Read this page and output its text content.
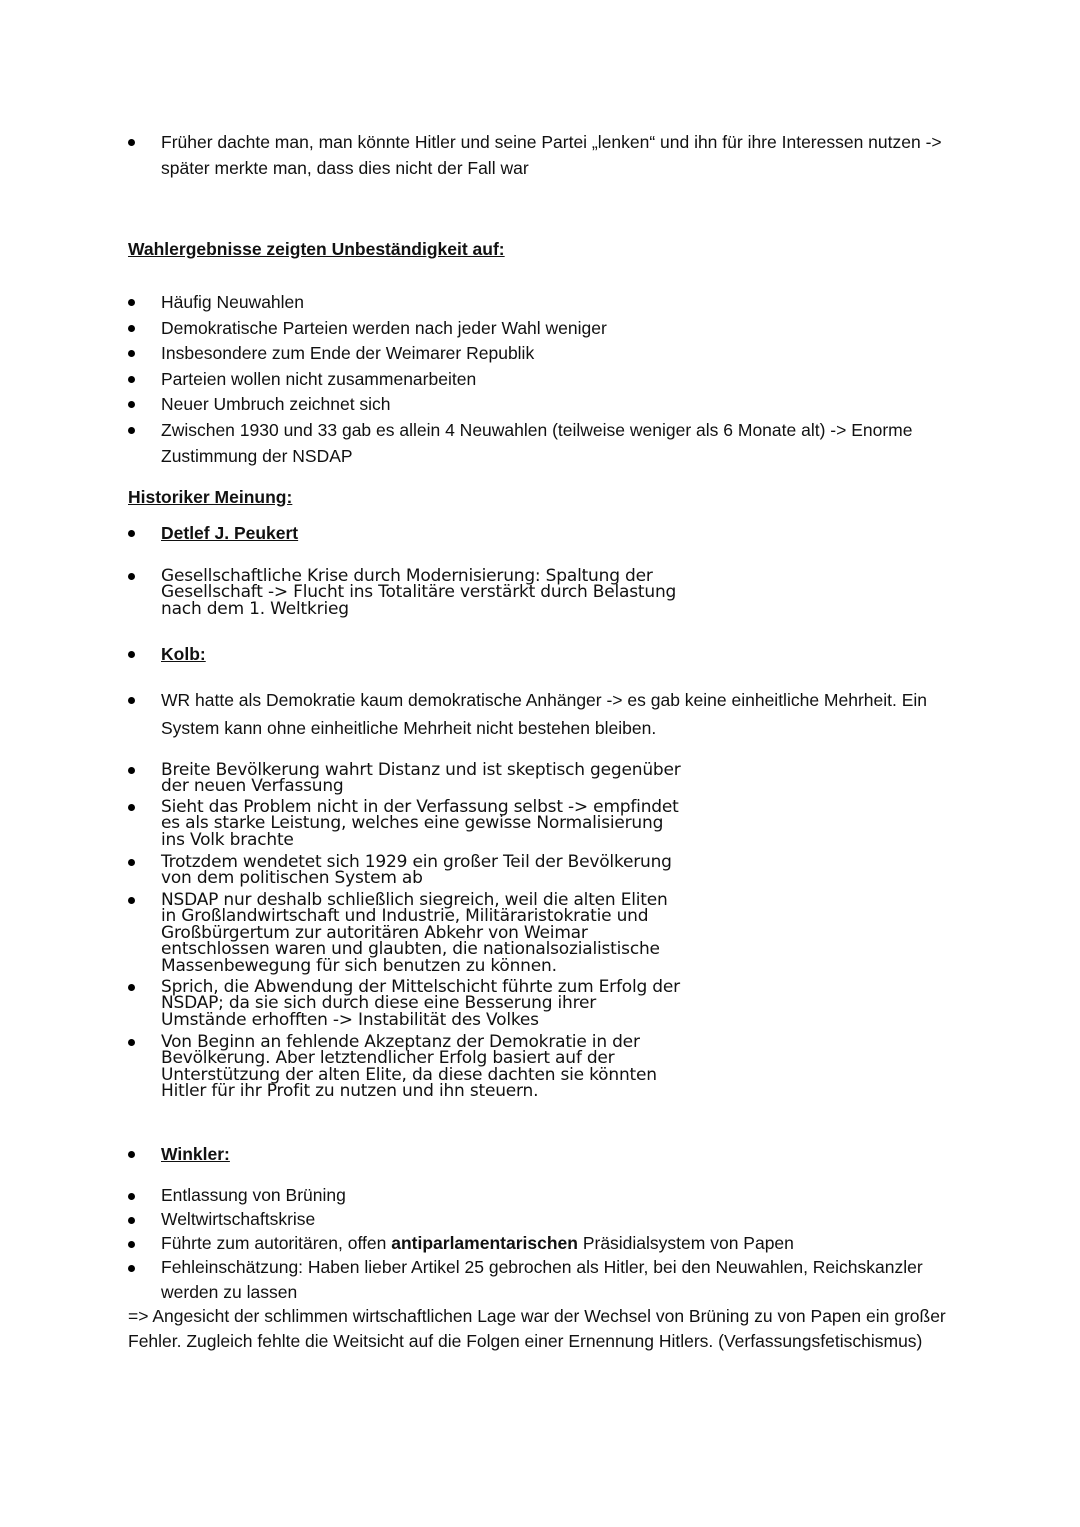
Früher dachte man, man könnte Hitler und seine Partei „lenken“ und ihn für ihre Interessen nutzen -> später merkte man, dass dies nicht der Fall war
Wahlergebnisse zeigten Unbeständigkeit auf:
Häufig Neuwahlen
Demokratische Parteien werden nach jeder Wahl weniger
Insbesondere zum Ende der Weimarer Republik
Parteien wollen nicht zusammenarbeiten
Neuer Umbruch zeichnet sich
Zwischen 1930 und 33 gab es allein 4 Neuwahlen (teilweise weniger als 6 Monate alt) -> Enorme Zustimmung der NSDAP
Historiker Meinung:
Detlef J. Peukert
Gesellschaftliche Krise durch Modernisierung: Spaltung der Gesellschaft -> Flucht ins Totalitäre verstärkt durch Belastung nach dem 1. Weltkrieg
Kolb:
WR hatte als Demokratie kaum demokratische Anhänger -> es gab keine einheitliche Mehrheit. Ein System kann ohne einheitliche Mehrheit nicht bestehen bleiben.
Breite Bevölkerung wahrt Distanz und ist skeptisch gegenüber der neuen Verfassung
Sieht das Problem nicht in der Verfassung selbst -> empfindet es als starke Leistung, welches eine gewisse Normalisierung ins Volk brachte
Trotzdem wendetet sich 1929 ein großer Teil der Bevölkerung von dem politischen System ab
NSDAP nur deshalb schließlich siegreich, weil die alten Eliten in Großlandwirtschaft und Industrie, Militäraristokratie und Großbürgertum zur autoritären Abkehr von Weimar entschlossen waren und glaubten, die nationalsozialistische Massenbewegung für sich benutzen zu können.
Sprich, die Abwendung der Mittelschicht führte zum Erfolg der NSDAP; da sie sich durch diese eine Besserung ihrer Umstände erhofften -> Instabilität des Volkes
Von Beginn an fehlende Akzeptanz der Demokratie in der Bevölkerung. Aber letztendlicher Erfolg basiert auf der Unterstützung der alten Elite, da diese dachten sie könnten Hitler für ihr Profit zu nutzen und ihn steuern.
Winkler:
Entlassung von Brüning
Weltwirtschaftskrise
Führte zum autoritären, offen antiparlamentarischen Präsidialsystem von Papen
Fehleinschätzung: Haben lieber Artikel 25 gebrochen als Hitler, bei den Neuwahlen, Reichskanzler werden zu lassen
=> Angesicht der schlimmen wirtschaftlichen Lage war der Wechsel von Brüning zu von Papen ein großer Fehler. Zugleich fehlte die Weitsicht auf die Folgen einer Ernennung Hitlers. (Verfassungsfetischismus)
